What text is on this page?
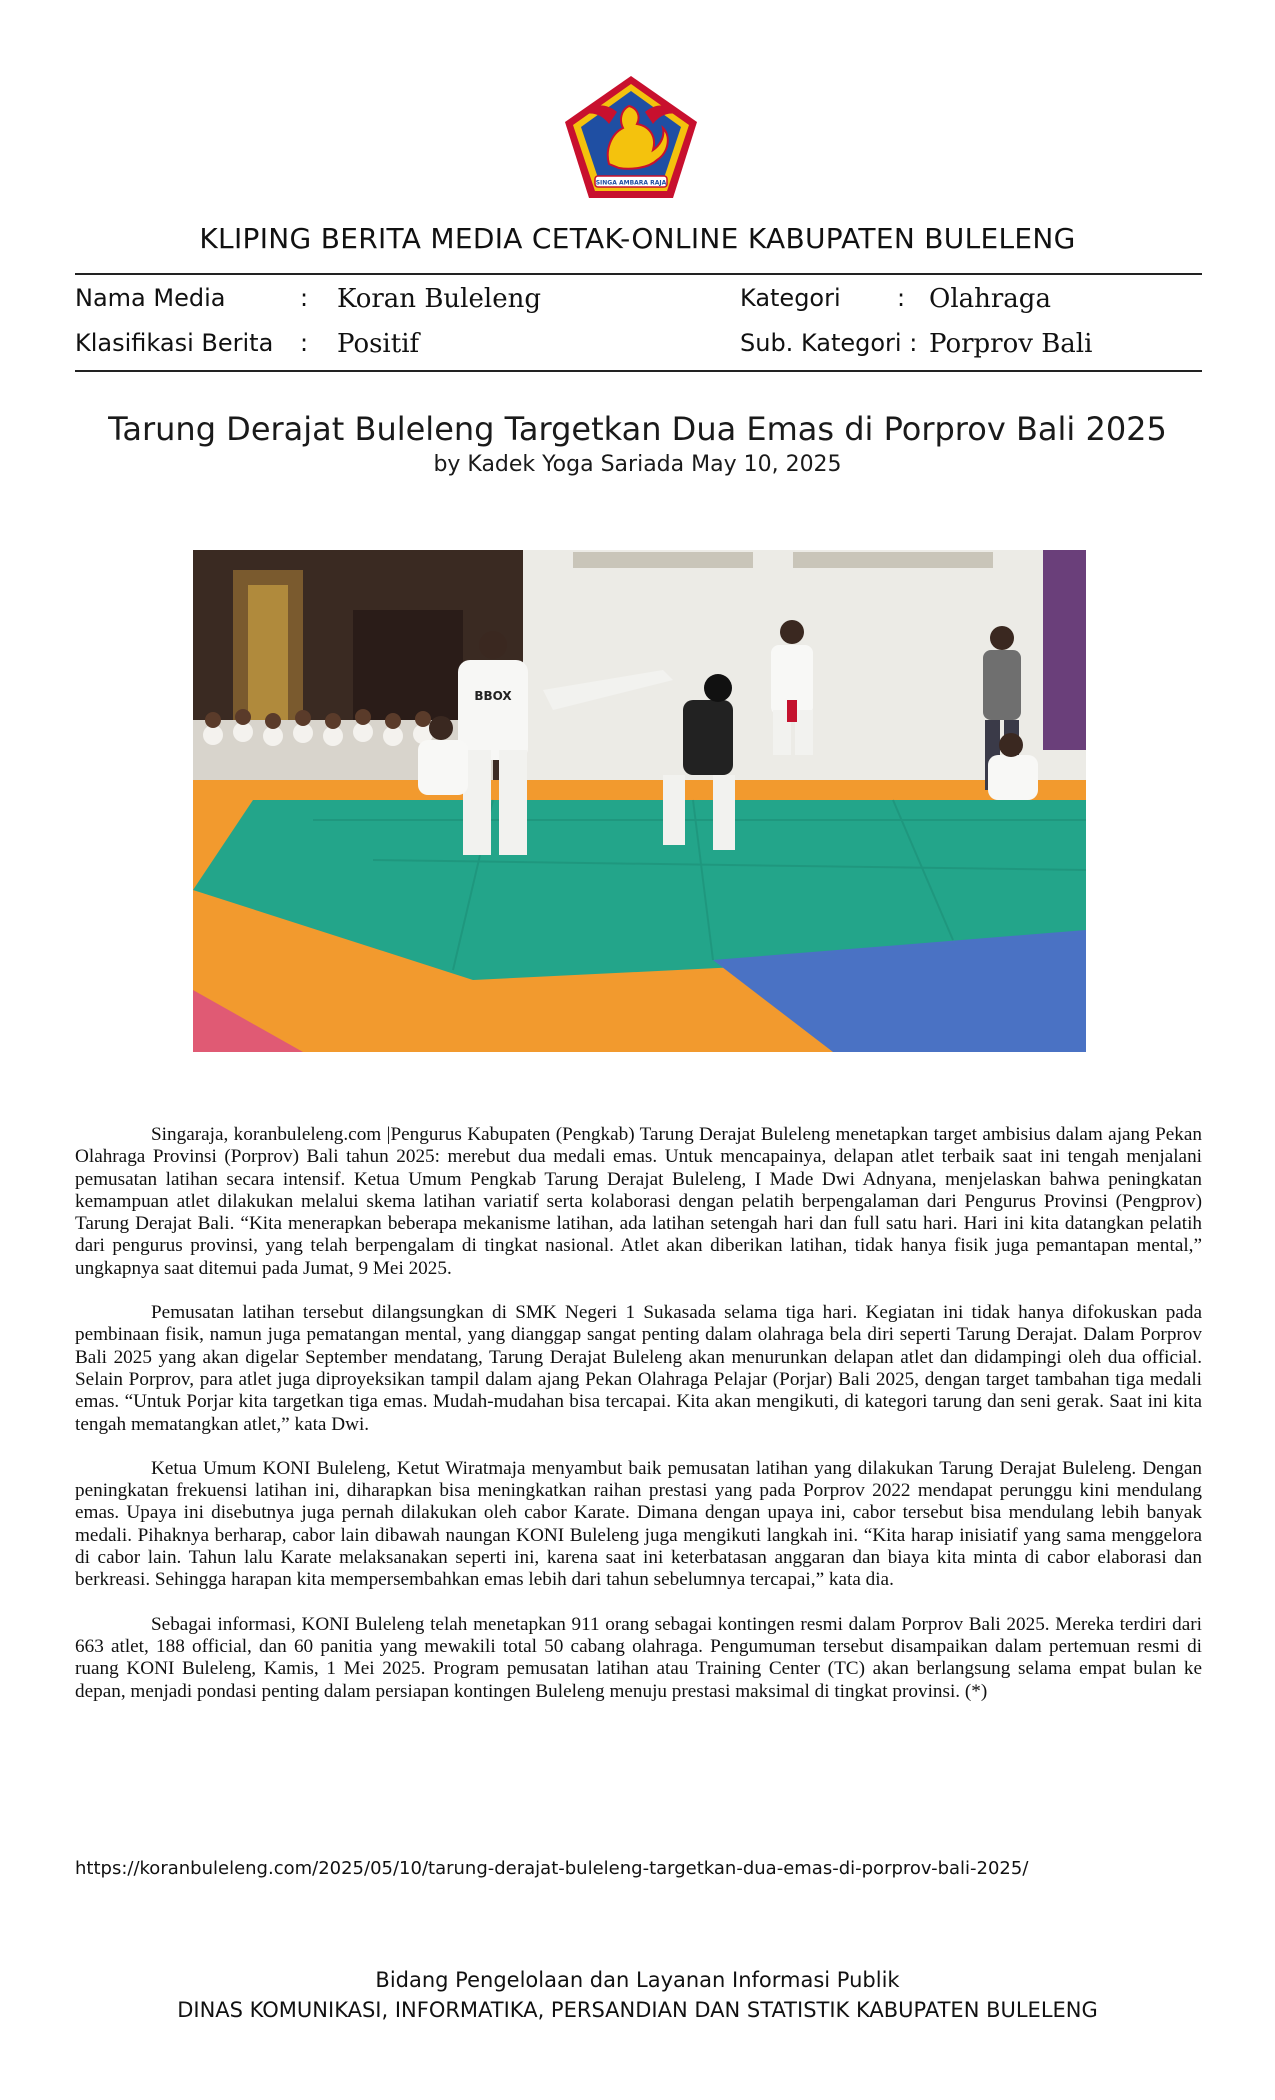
SINGA AMBARA RAJA
KLIPING BERITA MEDIA CETAK-ONLINE KABUPATEN BULELENG
Nama Media	: Koran Buleleng	Kategori : Olahraga
Klasifikasi Berita : Positif	Sub. Kategori : Porprov Bali
Tarung Derajat Buleleng Targetkan Dua Emas di Porprov Bali 2025
by Kadek Yoga Sariada May 10, 2025
BBOX

Singaraja, koranbuleleng.com |Pengurus Kabupaten (Pengkab) Tarung Derajat Buleleng menetapkan target ambisius dalam ajang Pekan Olahraga Provinsi (Porprov) Bali tahun 2025: merebut dua medali emas. Untuk mencapainya, delapan atlet terbaik saat ini tengah menjalani pemusatan latihan secara intensif. Ketua Umum Pengkab Tarung Derajat Buleleng, I Made Dwi Adnyana, menjelaskan bahwa peningkatan kemampuan atlet dilakukan melalui skema latihan variatif serta kolaborasi dengan pelatih berpengalaman dari Pengurus Provinsi (Pengprov) Tarung Derajat Bali. “Kita menerapkan beberapa mekanisme latihan, ada latihan setengah hari dan full satu hari. Hari ini kita datangkan pelatih dari pengurus provinsi, yang telah berpengalam di tingkat nasional. Atlet akan diberikan latihan, tidak hanya fisik juga pemantapan mental,” ungkapnya saat ditemui pada Jumat, 9 Mei 2025.

Pemusatan latihan tersebut dilangsungkan di SMK Negeri 1 Sukasada selama tiga hari. Kegiatan ini tidak hanya difokuskan pada pembinaan fisik, namun juga pematangan mental, yang dianggap sangat penting dalam olahraga bela diri seperti Tarung Derajat. Dalam Porprov Bali 2025 yang akan digelar September mendatang, Tarung Derajat Buleleng akan menurunkan delapan atlet dan didampingi oleh dua official. Selain Porprov, para atlet juga diproyeksikan tampil dalam ajang Pekan Olahraga Pelajar (Porjar) Bali 2025, dengan target tambahan tiga medali emas. “Untuk Porjar kita targetkan tiga emas. Mudah-mudahan bisa tercapai. Kita akan mengikuti, di kategori tarung dan seni gerak. Saat ini kita tengah mematangkan atlet,” kata Dwi.

Ketua Umum KONI Buleleng, Ketut Wiratmaja menyambut baik pemusatan latihan yang dilakukan Tarung Derajat Buleleng. Dengan peningkatan frekuensi latihan ini, diharapkan bisa meningkatkan raihan prestasi yang pada Porprov 2022 mendapat perunggu kini mendulang emas. Upaya ini disebutnya juga pernah dilakukan oleh cabor Karate. Dimana dengan upaya ini, cabor tersebut bisa mendulang lebih banyak medali. Pihaknya berharap, cabor lain dibawah naungan KONI Buleleng juga mengikuti langkah ini. “Kita harap inisiatif yang sama menggelora di cabor lain. Tahun lalu Karate melaksanakan seperti ini, karena saat ini keterbatasan anggaran dan biaya kita minta di cabor elaborasi dan berkreasi. Sehingga harapan kita mempersembahkan emas lebih dari tahun sebelumnya tercapai,” kata dia.

Sebagai informasi, KONI Buleleng telah menetapkan 911 orang sebagai kontingen resmi dalam Porprov Bali 2025. Mereka terdiri dari 663 atlet, 188 official, dan 60 panitia yang mewakili total 50 cabang olahraga. Pengumuman tersebut disampaikan dalam pertemuan resmi di ruang KONI Buleleng, Kamis, 1 Mei 2025. Program pemusatan latihan atau Training Center (TC) akan berlangsung selama empat bulan ke depan, menjadi pondasi penting dalam persiapan kontingen Buleleng menuju prestasi maksimal di tingkat provinsi. (*)

https://koranbuleleng.com/2025/05/10/tarung-derajat-buleleng-targetkan-dua-emas-di-porprov-bali-2025/
Bidang Pengelolaan dan Layanan Informasi Publik
DINAS KOMUNIKASI, INFORMATIKA, PERSANDIAN DAN STATISTIK KABUPATEN BULELENG
